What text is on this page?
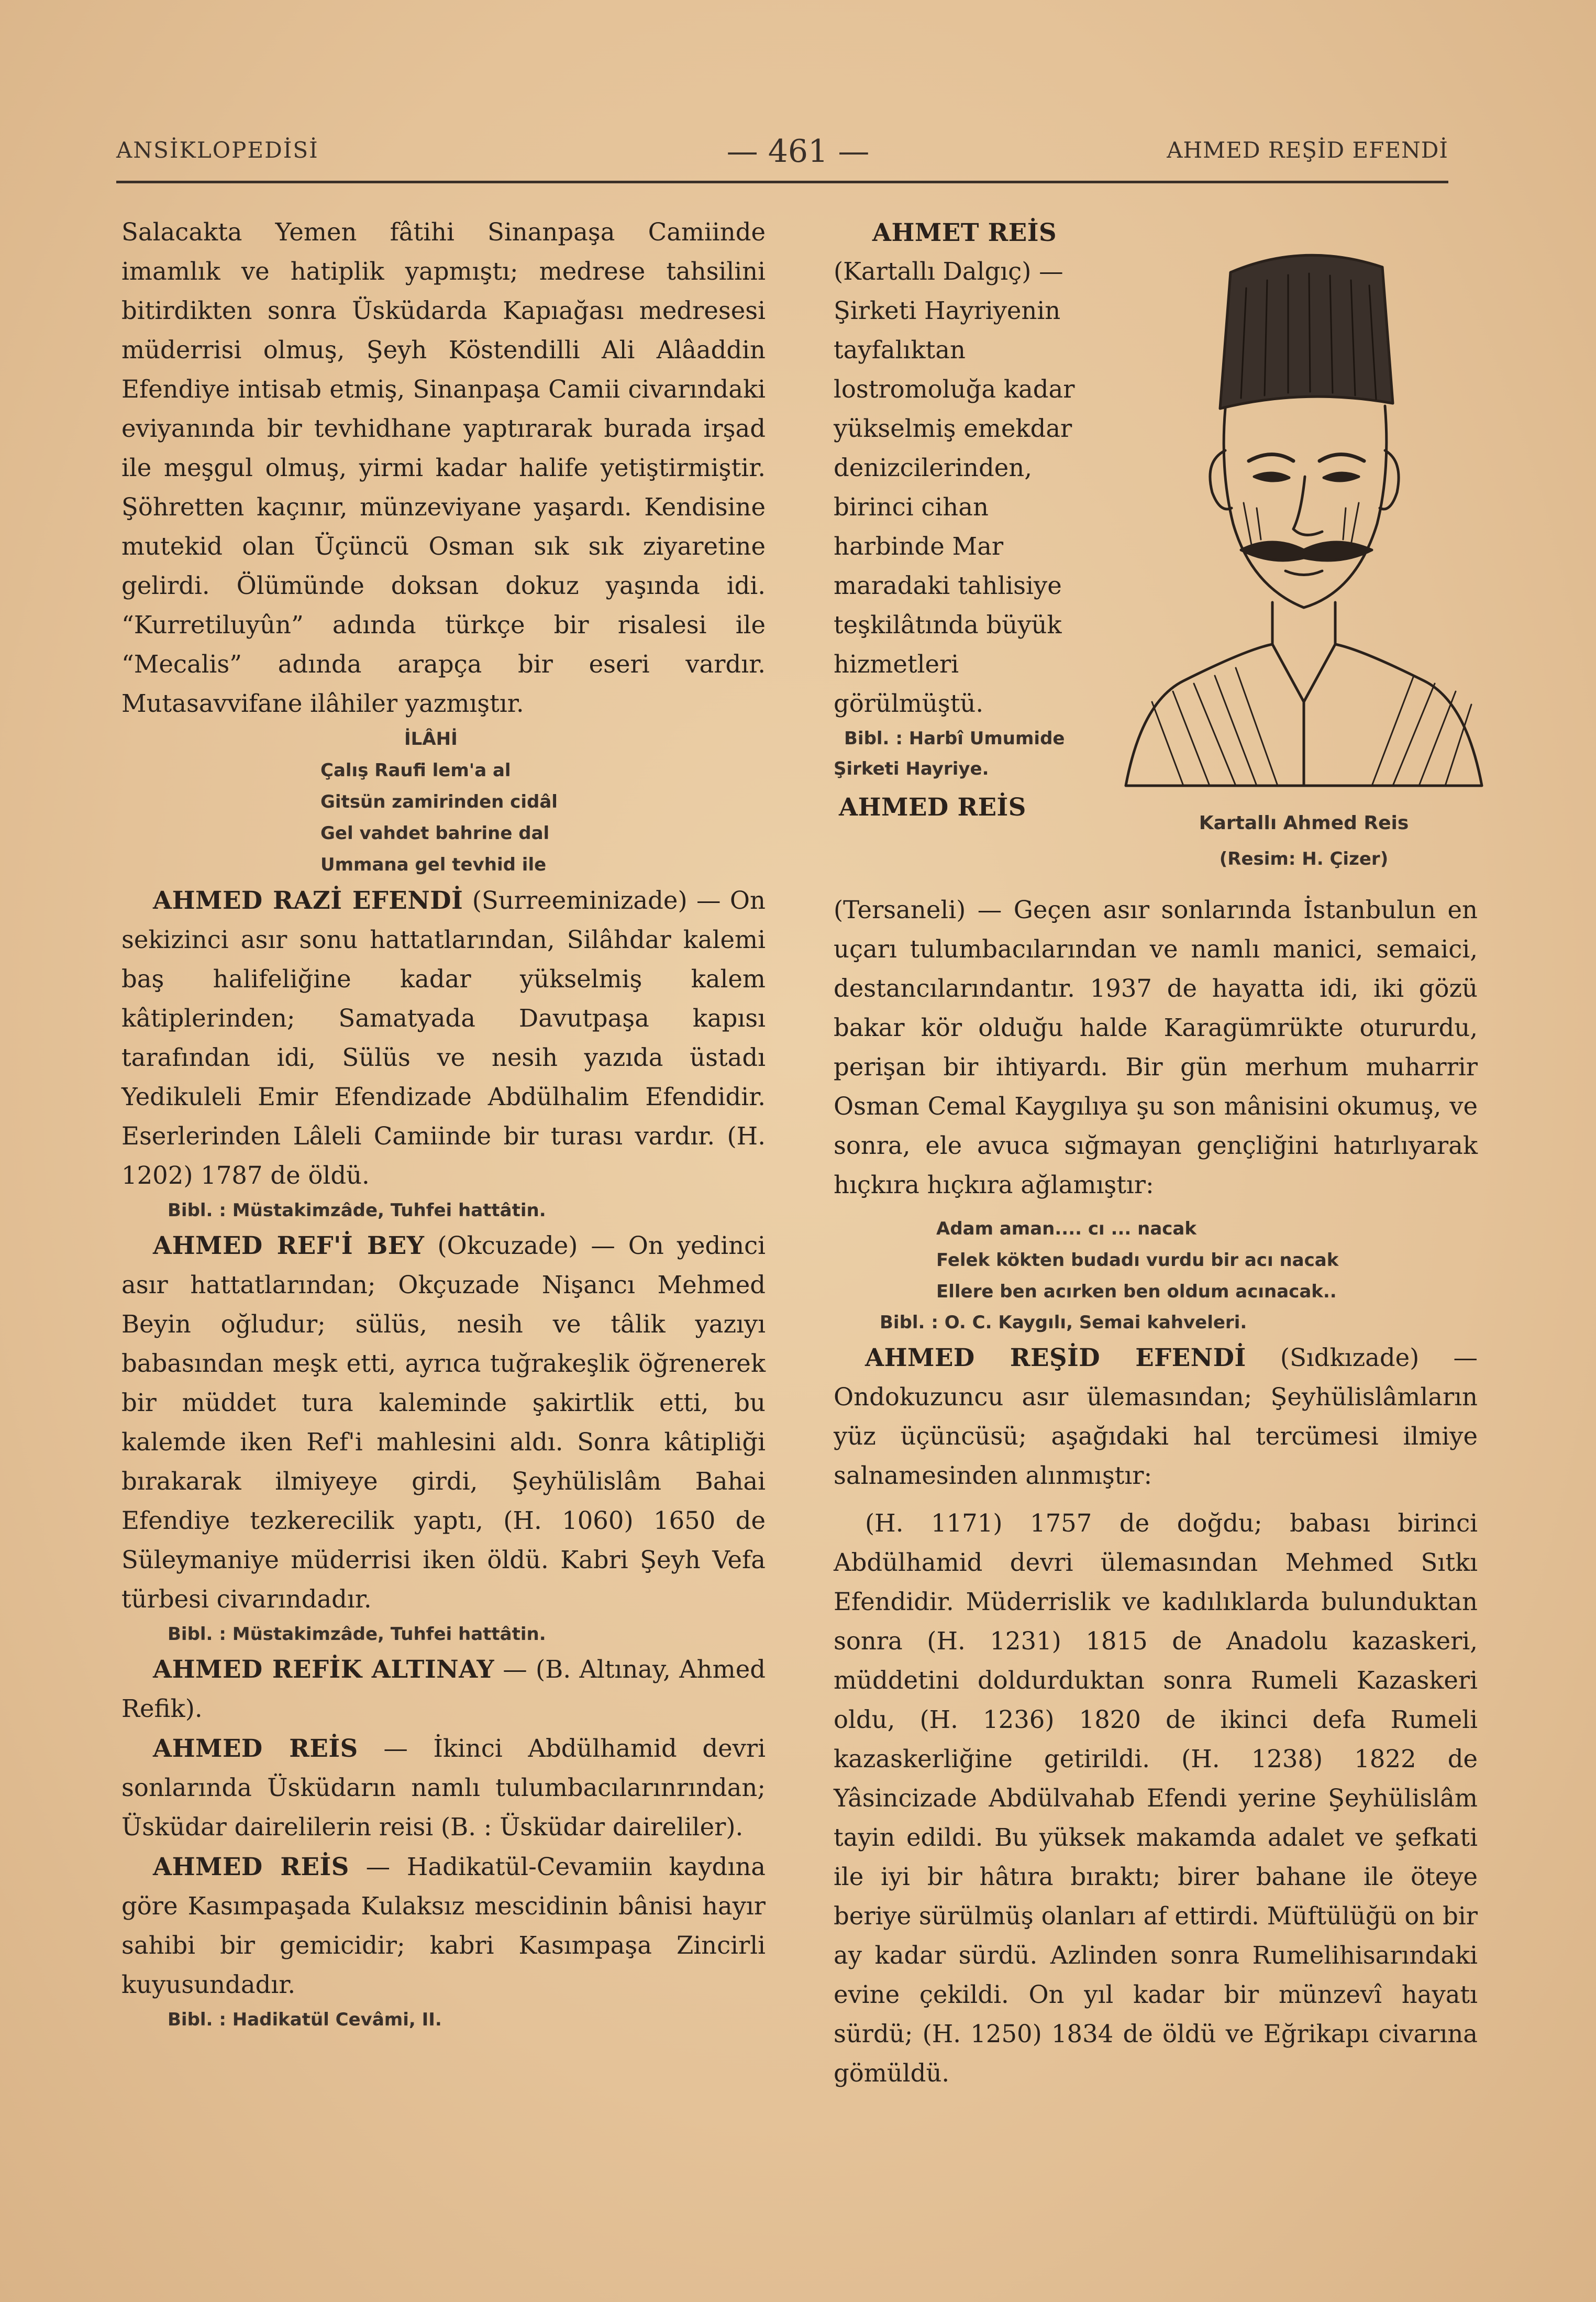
ANSİKLOPEDİSİ	— 461 —	AHMED REŞİD EFENDİ

Salacakta Yemen fâtihi Sinanpaşa Camiinde imamlık ve hatiplik yapmıştı; medrese tahsilini bitirdikten sonra Üsküdarda Kapıağası medresesi müderrisi olmuş, Şeyh Köstendilli Ali Alâaddin Efendiye intisab etmiş, Sinanpaşa Camii civarındaki eviyanında bir tevhidhane yaptırarak burada irşad ile meşgul olmuş, yirmi kadar halife yetiştirmiştir. Şöhretten kaçınır, münzeviyane yaşardı. Kendisine mutekid olan Üçüncü Osman sık sık ziyaretine gelirdi. Ölümünde doksan dokuz yaşında idi. “Kurretiluyûn” adında türkçe bir risalesi ile “Mecalis” adında arapça bir eseri vardır. Mutasavvifane ilâhiler yazmıştır.

İLÂHİ
Çalış Raufi lem'a al
Gitsün zamirinden cidâl
Gel vahdet bahrine dal
Ummana gel tevhid ile

AHMED RAZİ EFENDİ (Surreeminizade) — On sekizinci asır sonu hattatlarından, Silâhdar kalemi baş halifeliğine kadar yükselmiş kalem kâtiplerinden; Samatyada Davutpaşa kapısı tarafından idi, Sülüs ve nesih yazıda üstadı Yedikuleli Emir Efendizade Abdülhalim Efendidir. Eserlerinden Lâleli Camiinde bir turası vardır. (H. 1202) 1787 de öldü.

Bibl. : Müstakimzâde, Tuhfei hattâtin.

AHMED REF'İ BEY (Okcuzade) — On yedinci asır hattatlarından; Okçuzade Nişancı Mehmed Beyin oğludur; sülüs, nesih ve tâlik yazıyı babasından meşk etti, ayrıca tuğrakeşlik öğrenerek bir müddet tura kaleminde şakirtlik etti, bu kalemde iken Ref'i mahlesini aldı. Sonra kâtipliği bırakarak ilmiyeye girdi, Şeyhülislâm Bahai Efendiye tezkerecilik yaptı, (H. 1060) 1650 de Süleymaniye müderrisi iken öldü. Kabri Şeyh Vefa türbesi civarındadır.

Bibl. : Müstakimzâde, Tuhfei hattâtin.

AHMED REFİK ALTINAY — (B. Altınay, Ahmed Refik).

AHMED REİS — İkinci Abdülhamid devri sonlarında Üsküdarın namlı tulumbacılarınrından; Üsküdar dairelilerin reisi (B. : Üsküdar daireliler).

AHMED REİS — Hadikatül-Cevamiin kaydına göre Kasımpaşada Kulaksız mescidinin bânisi hayır sahibi bir gemicidir; kabri Kasımpaşa Zincirli kuyusundadır.

Bibl. : Hadikatül Cevâmi, II.

AHMET REİS
(Kartallı Dalgıç) — Şirketi Hayriyenin tayfalıktan lostromoluğa kadar yükselmiş emekdar denizcilerinden, birinci cihan harbinde Mar maradaki tahlisiye teşkilâtında büyük hizmetleri görülmüştü.

Bibl. : Harbî Umumide Şirketi Hayriye.

AHMED REİS

Kartallı Ahmed Reis
(Resim: H. Çizer)

(Tersaneli) — Geçen asır sonlarında İstanbulun en uçarı tulumbacılarından ve namlı manici, semaici, destancılarındantır. 1937 de hayatta idi, iki gözü bakar kör olduğu halde Karagümrükte otururdu, perişan bir ihtiyardı. Bir gün merhum muharrir Osman Cemal Kaygılıya şu son mânisini okumuş, ve sonra, ele avuca sığmayan gençliğini hatırlıyarak hıçkıra hıçkıra ağlamıştır:

Adam aman.... cı ... nacak
Felek kökten budadı vurdu bir acı nacak
Ellere ben acırken ben oldum acınacak..
Bibl. : O. C. Kaygılı, Semai kahveleri.

AHMED REŞİD EFENDİ (Sıdkızade) — Ondokuzuncu asır ülemasından; Şeyhülislâmların yüz üçüncüsü; aşağıdaki hal tercümesi ilmiye salnamesinden alınmıştır:

(H. 1171) 1757 de doğdu; babası birinci Abdülhamid devri ülemasından Mehmed Sıtkı Efendidir. Müderrislik ve kadılıklarda bulunduktan sonra (H. 1231) 1815 de Anadolu kazaskeri, müddetini doldurduktan sonra Rumeli Kazaskeri oldu, (H. 1236) 1820 de ikinci defa Rumeli kazaskerliğine getirildi. (H. 1238) 1822 de Yâsincizade Abdülvahab Efendi yerine Şeyhülislâm tayin edildi. Bu yüksek makamda adalet ve şefkati ile iyi bir hâtıra bıraktı; birer bahane ile öteye beriye sürülmüş olanları af ettirdi. Müftülüğü on bir ay kadar sürdü. Azlinden sonra Rumelihisarındaki evine çekildi. On yıl kadar bir münzevî hayatı sürdü; (H. 1250) 1834 de öldü ve Eğrikapı civarına gömüldü.
